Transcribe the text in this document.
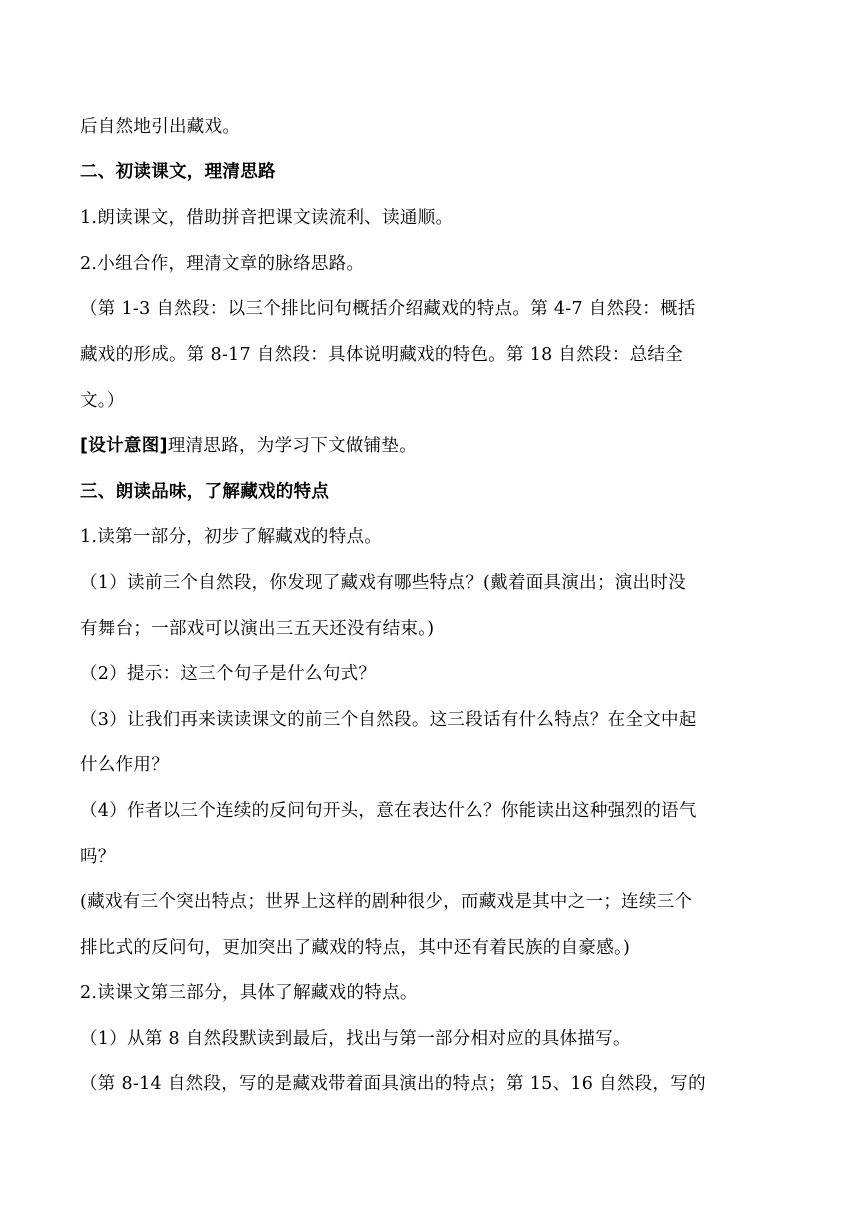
后自然地引出藏戏。
二、初读课文，理清思路
1.朗读课文，借助拼音把课文读流利、读通顺。
2.小组合作，理清文章的脉络思路。
（第 1-3 自然段：以三个排比问句概括介绍藏戏的特点。第 4-7 自然段：概括
藏戏的形成。第 8-17 自然段：具体说明藏戏的特色。第 18 自然段：总结全
文。）
[设计意图]理清思路，为学习下文做铺垫。
三、朗读品味，了解藏戏的特点
1.读第一部分，初步了解藏戏的特点。
（1）读前三个自然段，你发现了藏戏有哪些特点？(戴着面具演出；演出时没
有舞台；一部戏可以演出三五天还没有结束。)
（2）提示：这三个句子是什么句式？
（3）让我们再来读读课文的前三个自然段。这三段话有什么特点？在全文中起
什么作用？
（4）作者以三个连续的反问句开头，意在表达什么？你能读出这种强烈的语气
吗？
(藏戏有三个突出特点；世界上这样的剧种很少，而藏戏是其中之一；连续三个
排比式的反问句，更加突出了藏戏的特点，其中还有着民族的自豪感。)
2.读课文第三部分，具体了解藏戏的特点。
（1）从第 8 自然段默读到最后，找出与第一部分相对应的具体描写。
（第 8-14 自然段，写的是藏戏带着面具演出的特点；第 15、16 自然段，写的
